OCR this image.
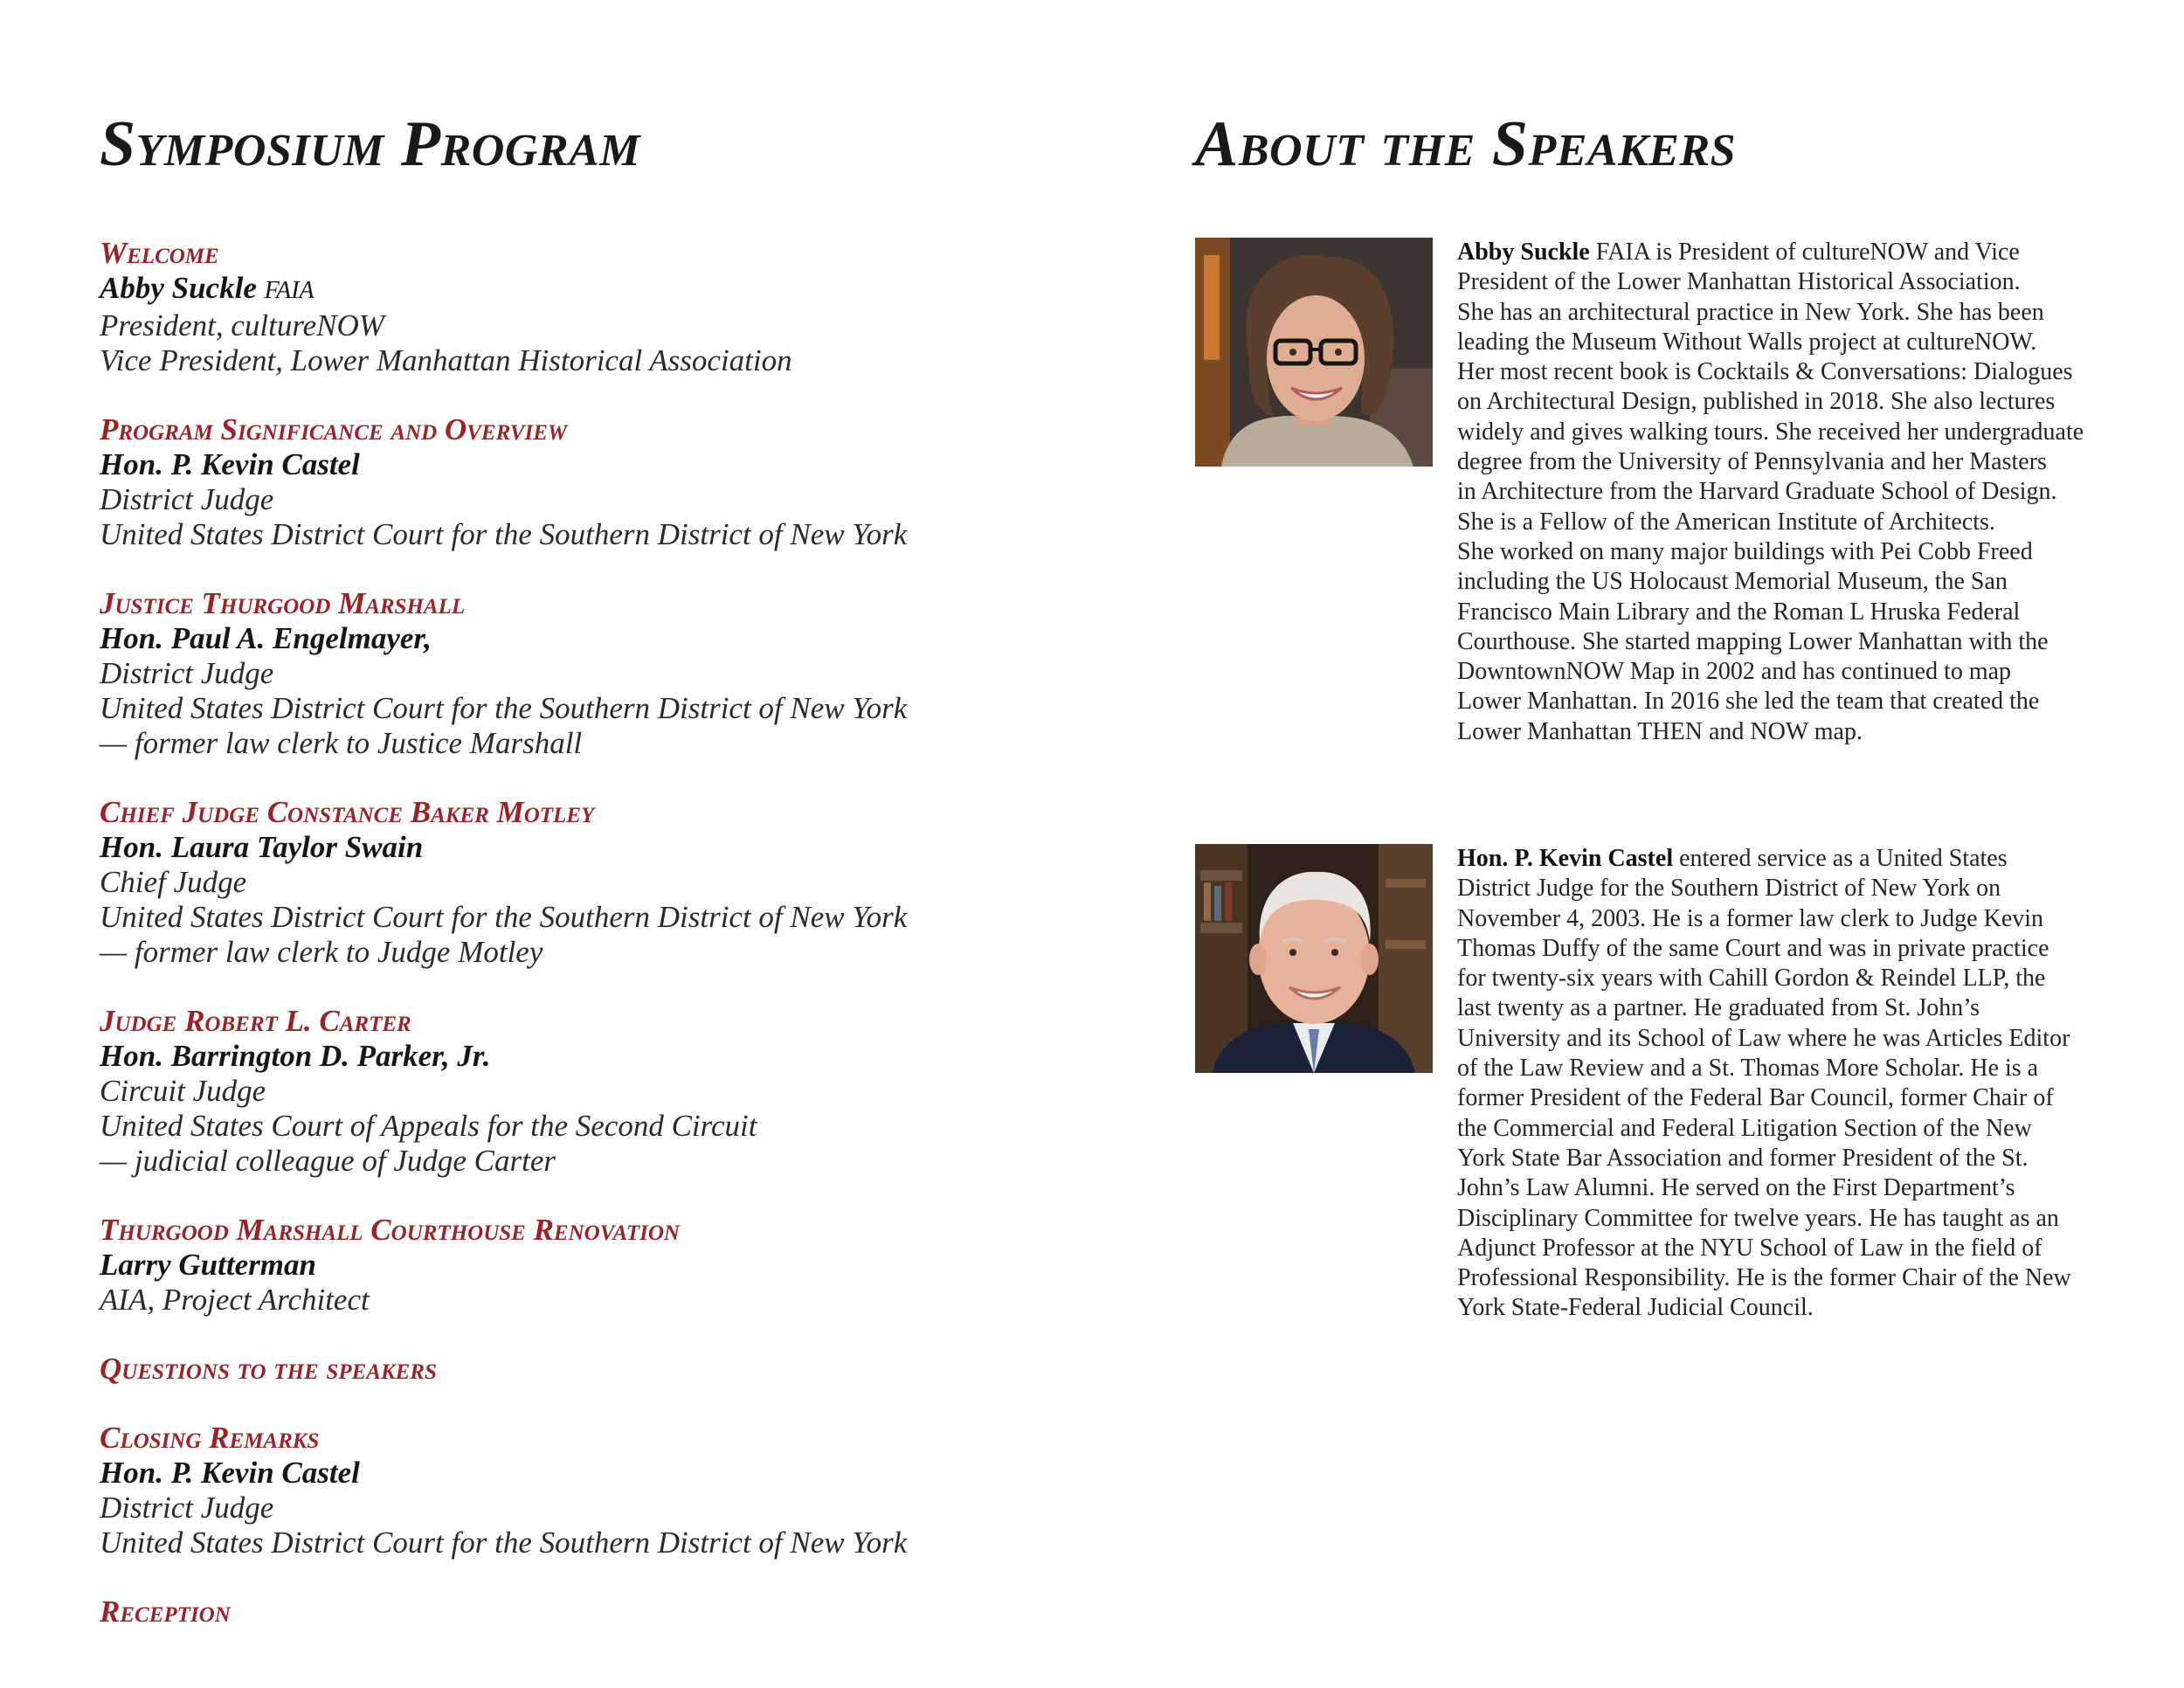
Symposium Program	About the Speakers
Welcome
Abby Suckle FAIA
President, cultureNOW
Vice President, Lower Manhattan Historical Association
Program Significance and Overview
Hon. P. Kevin Castel
District Judge
United States District Court for the Southern District of New York
Justice Thurgood Marshall
Hon. Paul A. Engelmayer,
District Judge
United States District Court for the Southern District of New York
— former law clerk to Justice Marshall
Chief Judge Constance Baker Motley
Hon. Laura Taylor Swain
Chief Judge
United States District Court for the Southern District of New York
— former law clerk to Judge Motley
Judge Robert L. Carter
Hon. Barrington D. Parker, Jr.
Circuit Judge
United States Court of Appeals for the Second Circuit
— judicial colleague of Judge Carter
Thurgood Marshall Courthouse Renovation
Larry Gutterman
AIA, Project Architect
Questions to the speakers
Closing Remarks
Hon. P. Kevin Castel
District Judge
United States District Court for the Southern District of New York
Reception
Abby Suckle FAIA is President of cultureNOW and Vice
President of the Lower Manhattan Historical Association.
She has an architectural practice in New York. She has been
leading the Museum Without Walls project at cultureNOW.
Her most recent book is Cocktails & Conversations: Dialogues
on Architectural Design, published in 2018. She also lectures
widely and gives walking tours. She received her undergraduate
degree from the University of Pennsylvania and her Masters
in Architecture from the Harvard Graduate School of Design.
She is a Fellow of the American Institute of Architects.
She worked on many major buildings with Pei Cobb Freed
including the US Holocaust Memorial Museum, the San
Francisco Main Library and the Roman L Hruska Federal
Courthouse. She started mapping Lower Manhattan with the
DowntownNOW Map in 2002 and has continued to map
Lower Manhattan. In 2016 she led the team that created the
Lower Manhattan THEN and NOW map.
Hon. P. Kevin Castel entered service as a United States
District Judge for the Southern District of New York on
November 4, 2003. He is a former law clerk to Judge Kevin
Thomas Duffy of the same Court and was in private practice
for twenty-six years with Cahill Gordon & Reindel LLP, the
last twenty as a partner. He graduated from St. John’s
University and its School of Law where he was Articles Editor
of the Law Review and a St. Thomas More Scholar. He is a
former President of the Federal Bar Council, former Chair of
the Commercial and Federal Litigation Section of the New
York State Bar Association and former President of the St.
John’s Law Alumni. He served on the First Department’s
Disciplinary Committee for twelve years. He has taught as an
Adjunct Professor at the NYU School of Law in the field of
Professional Responsibility. He is the former Chair of the New
York State-Federal Judicial Council.
